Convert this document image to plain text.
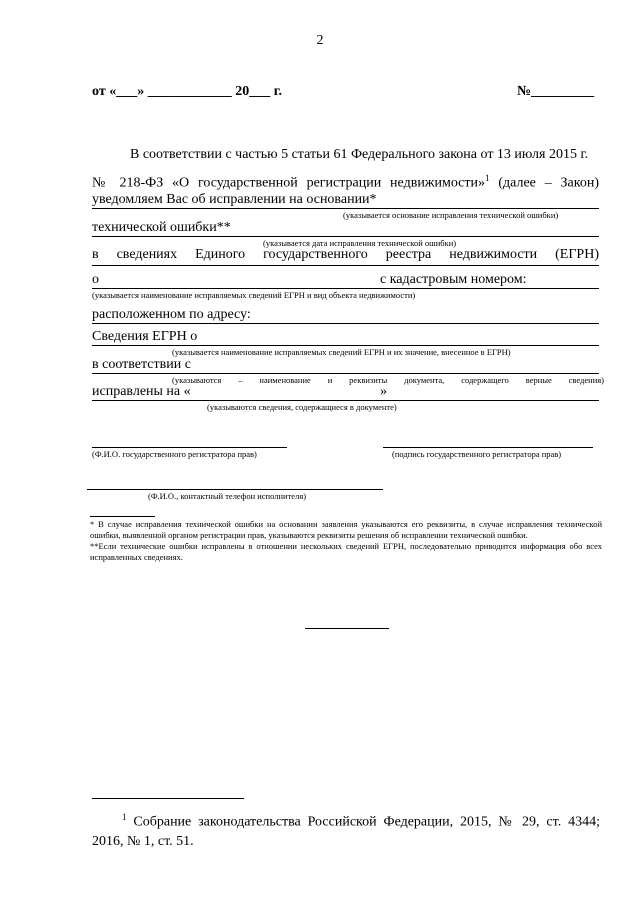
2
от «___» ____________ 20___ г.	№_________
В соответствии с частью 5 статьи 61 Федерального закона от 13 июля 2015 г.
№ 218-ФЗ «О государственной регистрации недвижимости»$^1$ (далее – Закон)
уведомляем Вас об исправлении на основании*
(указывается основание исправления технической ошибки)
технической ошибки**
(указывается дата исправления технической ошибки)
в сведениях Единого государственного реестра недвижимости (ЕГРН)
о	с кадастровым номером:
(указывается наименование исправляемых сведений ЕГРН и вид объекта недвижимости)
расположенном по адресу:
Сведения ЕГРН о
(указывается наименование исправляемых сведений ЕГРН и их значение, внесенное в ЕГРН)
в соответствии с
(указываются – наименование и реквизиты документа, содержащего верные сведения)
исправлены на «	»
(указываются сведения, содержащиеся в документе)
(Ф.И.О. государственного регистратора прав)	(подпись государственного регистратора прав)
(Ф.И.О., контактный телефон исполнителя)

* В случае исправления технической ошибки на основании заявления указываются его реквизиты, в случае исправления технической ошибки, выявленной органом регистрации прав, указываются реквизиты решения об исправлении технической ошибки.

**Если технические ошибки исправлены в отношении нескольких сведений ЕГРН, последовательно приводится информация обо всех исправленных сведениях.

$^1$ Собрание законодательства Российской Федерации, 2015, № 29, ст. 4344; 2016, № 1, ст. 51.
